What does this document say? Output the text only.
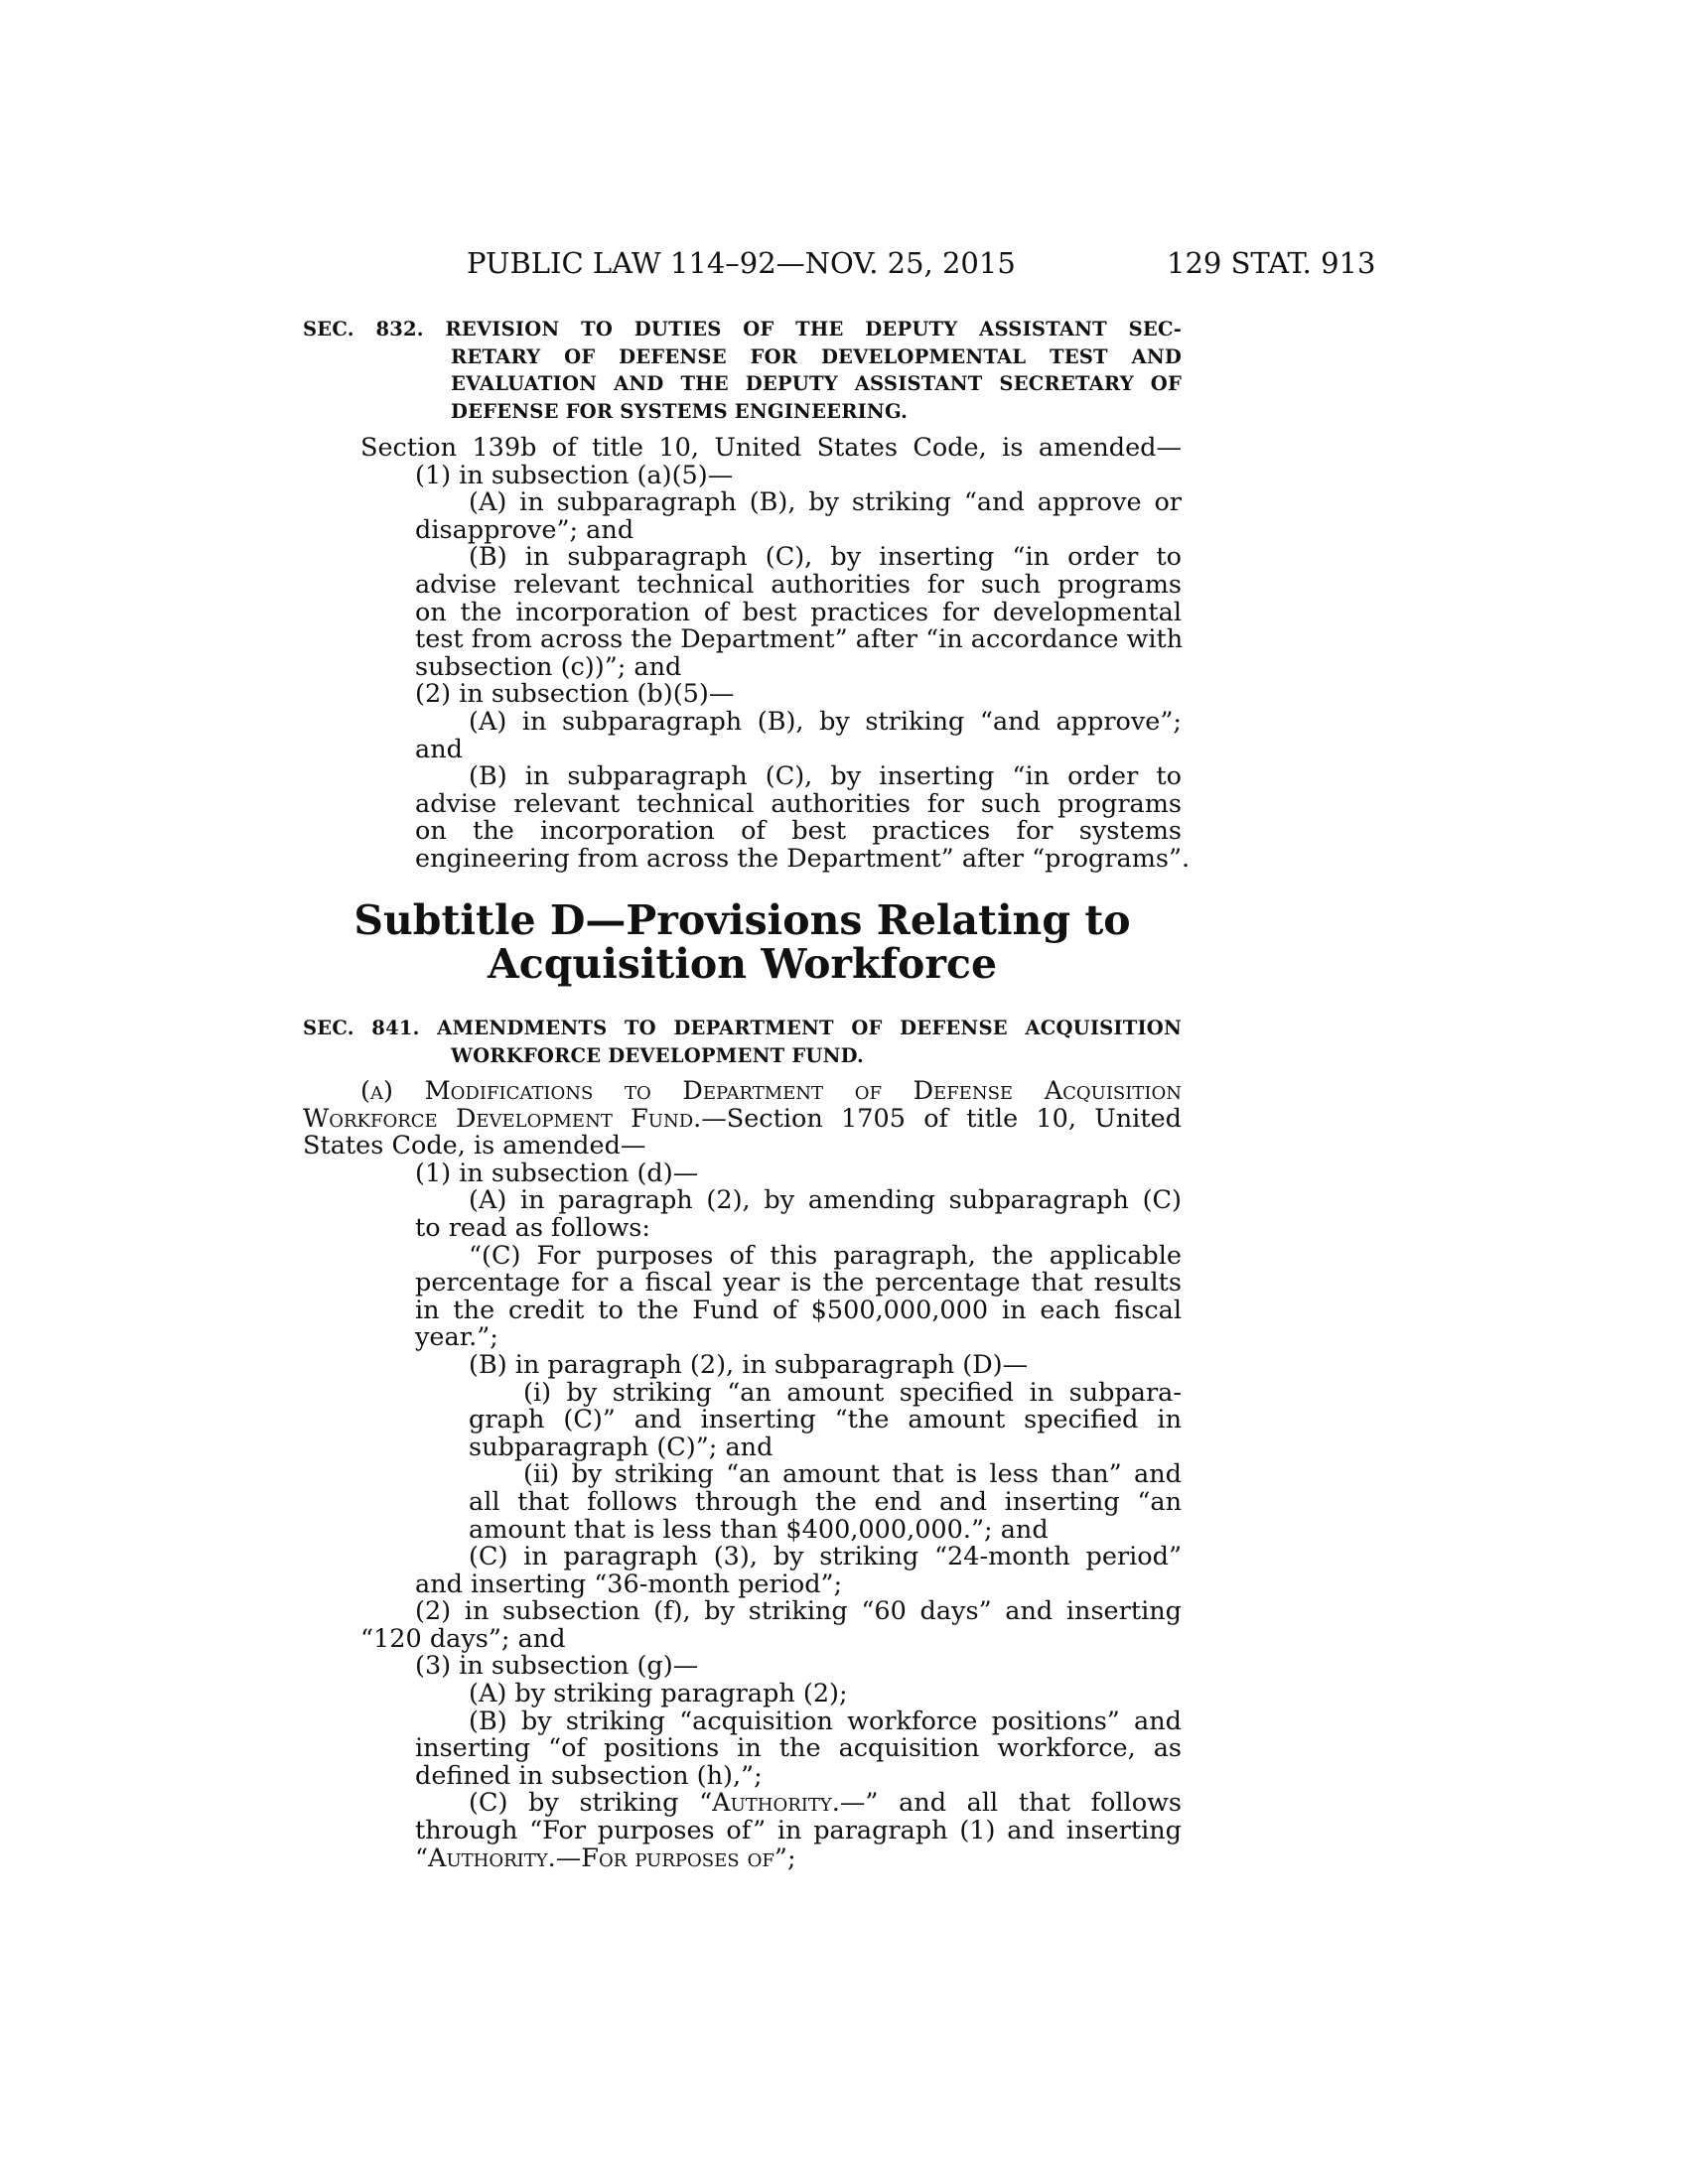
PUBLIC LAW 114–92—NOV. 25, 2015	129 STAT. 913
SEC. 832. REVISION TO DUTIES OF THE DEPUTY ASSISTANT SEC-
RETARY OF DEFENSE FOR DEVELOPMENTAL TEST AND
EVALUATION AND THE DEPUTY ASSISTANT SECRETARY OF
DEFENSE FOR SYSTEMS ENGINEERING.
Section 139b of title 10, United States Code, is amended—
(1) in subsection (a)(5)—
(A) in subparagraph (B), by striking “and approve or
disapprove”; and
(B) in subparagraph (C), by inserting “in order to
advise relevant technical authorities for such programs
on the incorporation of best practices for developmental
test from across the Department” after “in accordance with
subsection (c))”; and
(2) in subsection (b)(5)—
(A) in subparagraph (B), by striking “and approve”;
and
(B) in subparagraph (C), by inserting “in order to
advise relevant technical authorities for such programs
on the incorporation of best practices for systems
engineering from across the Department” after “programs”.
Subtitle D—Provisions Relating to
Acquisition Workforce
SEC. 841. AMENDMENTS TO DEPARTMENT OF DEFENSE ACQUISITION
WORKFORCE DEVELOPMENT FUND.
(a) Modifications to Department of Defense Acquisition
Workforce Development Fund.—Section 1705 of title 10, United
States Code, is amended—
(1) in subsection (d)—
(A) in paragraph (2), by amending subparagraph (C)
to read as follows:
“(C) For purposes of this paragraph, the applicable
percentage for a fiscal year is the percentage that results
in the credit to the Fund of $500,000,000 in each fiscal
year.”;
(B) in paragraph (2), in subparagraph (D)—
(i) by striking “an amount specified in subpara-
graph (C)” and inserting “the amount specified in
subparagraph (C)”; and
(ii) by striking “an amount that is less than” and
all that follows through the end and inserting “an
amount that is less than $400,000,000.”; and
(C) in paragraph (3), by striking “24-month period”
and inserting “36-month period”;
(2) in subsection (f), by striking “60 days” and inserting
“120 days”; and
(3) in subsection (g)—
(A) by striking paragraph (2);
(B) by striking “acquisition workforce positions” and
inserting “of positions in the acquisition workforce, as
defined in subsection (h),”;
(C) by striking “Authority.—” and all that follows
through “For purposes of” in paragraph (1) and inserting
“Authority.—For purposes of”;
